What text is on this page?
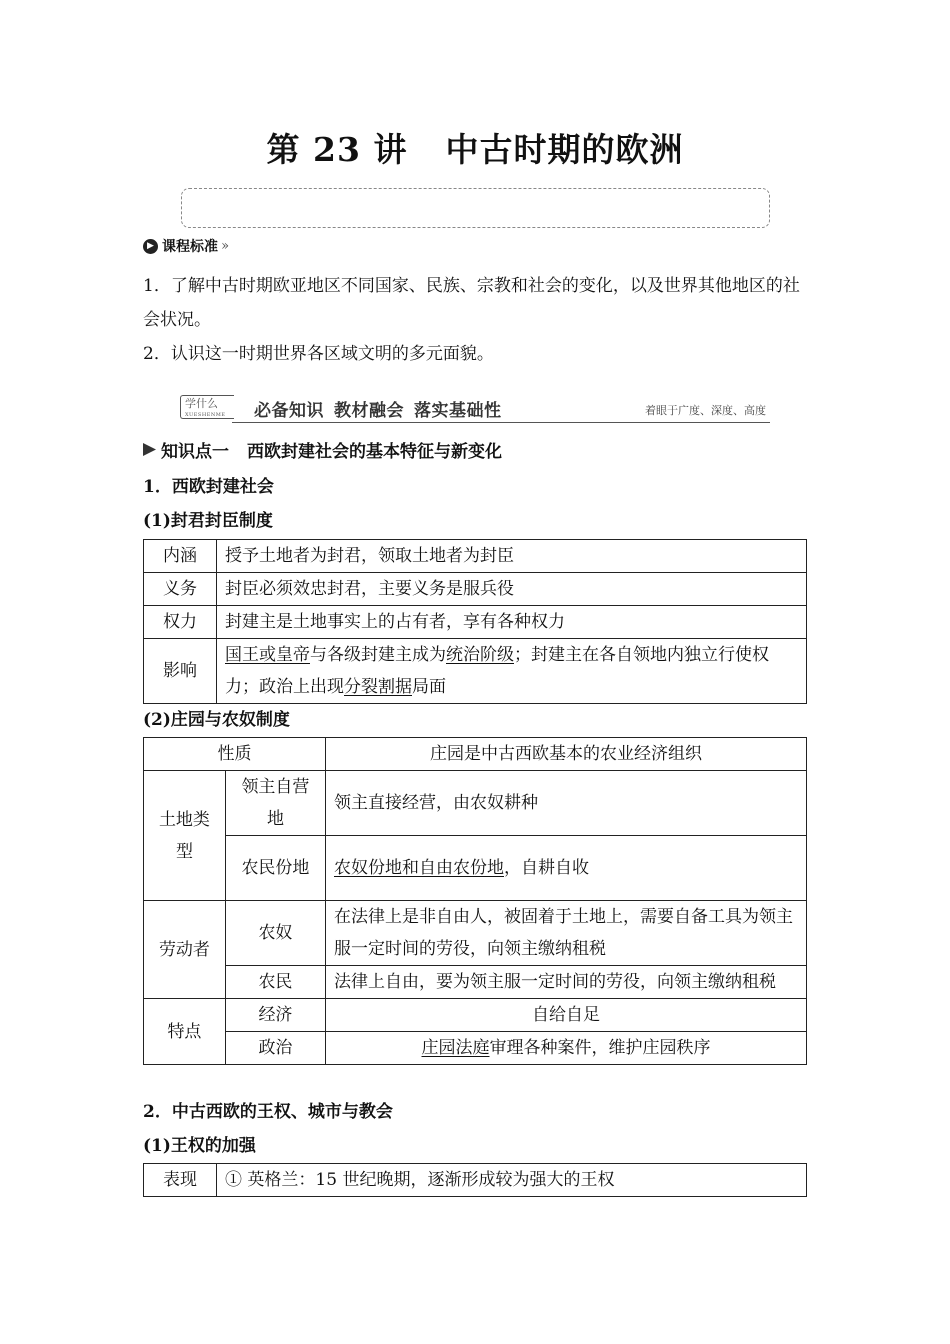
第 23 讲 中古时期的欧洲
▶ 课程标准 ››
1．了解中古时期欧亚地区不同国家、民族、宗教和社会的变化，以及世界其他地区的社会状况。
2．认识这一时期世界各区域文明的多元面貌。
学什么
XUESHENME	必备知识 教材融会 落实基础性	着眼于广度、深度、高度
知识点一 西欧封建社会的基本特征与新变化
1．西欧封建社会
(1)封君封臣制度
内涵	授予土地者为封君，领取土地者为封臣
义务	封臣必须效忠封君，主要义务是服兵役
权力	封建主是土地事实上的占有者，享有各种权力
影响	国王或皇帝与各级封建主成为统治阶级；封建主在各自领地内独立行使权力；政治上出现分裂割据局面
(2)庄园与农奴制度
性质		庄园是中古西欧基本的农业经济组织
土地类型	领主自营地	领主直接经营，由农奴耕种
	农民份地	农奴份地和自由农份地，自耕自收
劳动者	农奴	在法律上是非自由人，被固着于土地上，需要自备工具为领主服一定时间的劳役，向领主缴纳租税
	农民	法律上自由，要为领主服一定时间的劳役，向领主缴纳租税
特点	经济	自给自足
	政治	庄园法庭审理各种案件，维护庄园秩序
2．中古西欧的王权、城市与教会
(1)王权的加强
表现	① 英格兰：15 世纪晚期，逐渐形成较为强大的王权
